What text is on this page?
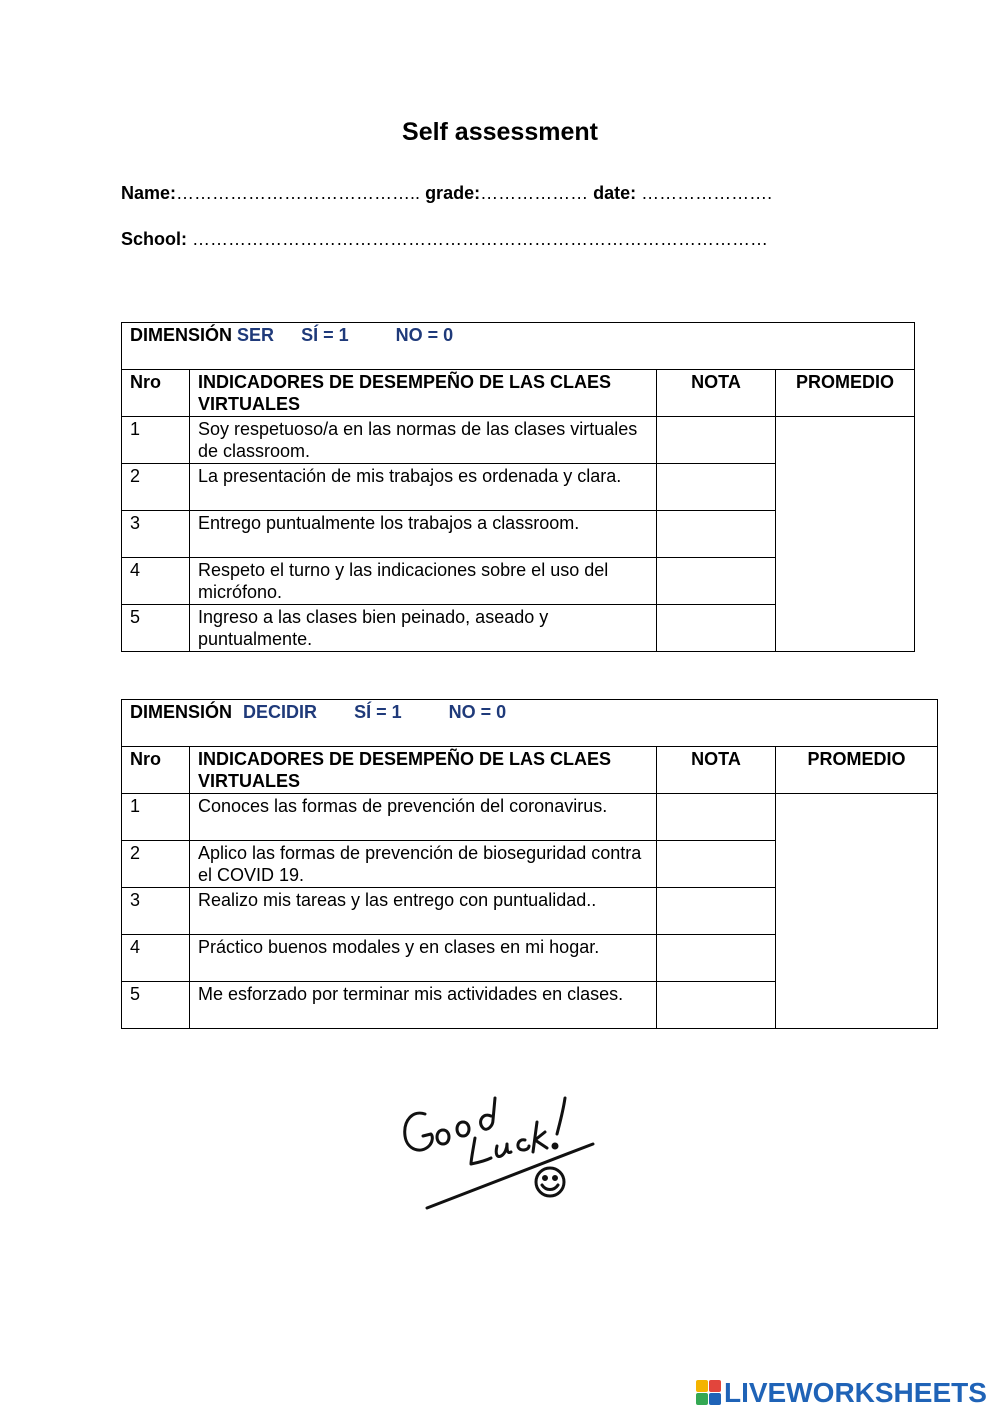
Self assessment
Name:………………………………….. grade:……………… date: ………………….
School: ……………………………………………………………………………………
DIMENSIÓN SER SÍ = 1 NO = 0			
Nro	INDICADORES DE DESEMPEÑO DE LAS CLAES VIRTUALES	NOTA	PROMEDIO
1	Soy respetuoso/a en las normas de las clases virtuales de classroom.		
2	La presentación de mis trabajos es ordenada y clara.		
3	Entrego puntualmente los trabajos a classroom.		
4	Respeto el turno y las indicaciones sobre el uso del micrófono.		
5	Ingreso a las clases bien peinado, aseado y puntualmente.		
DIMENSIÓN DECIDIR SÍ = 1 NO = 0			
Nro	INDICADORES DE DESEMPEÑO DE LAS CLAES VIRTUALES	NOTA	PROMEDIO
1	Conoces las formas de prevención del coronavirus.		
2	Aplico las formas de prevención de bioseguridad contra el COVID 19.		
3	Realizo mis tareas y las entrego con puntualidad..		
4	Práctico buenos modales y en clases en mi hogar.		
5	Me esforzado por terminar mis actividades en clases.		
LIVEWORKSHEETS
